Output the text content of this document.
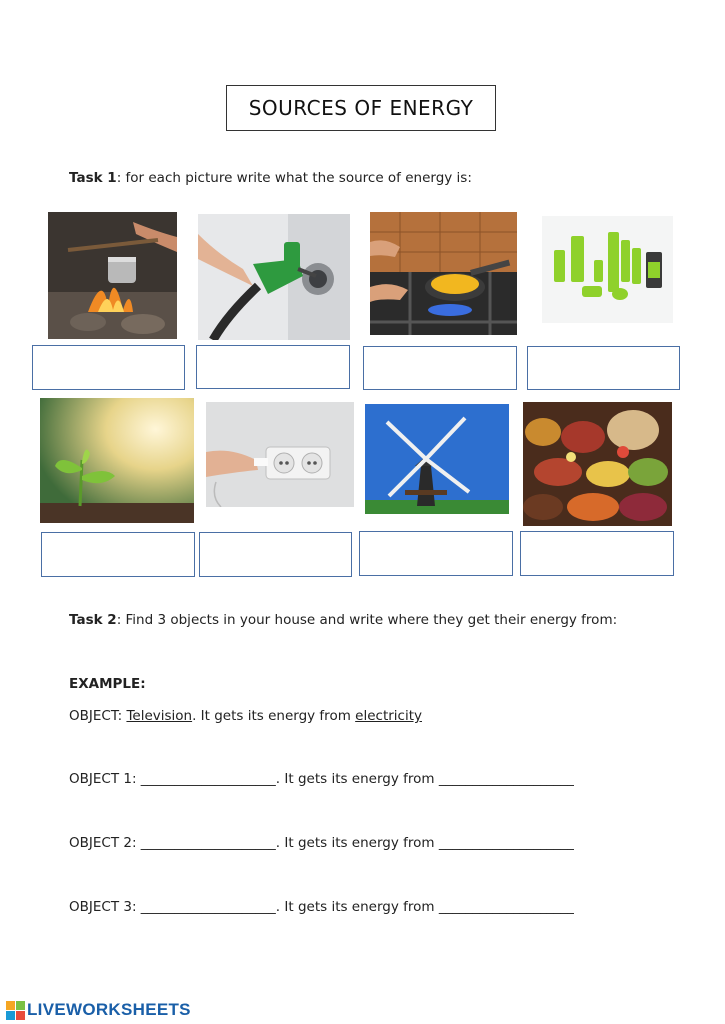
SOURCES OF ENERGY
Task 1: for each picture write what the source of energy is:
Task 2: Find 3 objects in your house and write where they get their energy from:
EXAMPLE:
OBJECT: Television. It gets its energy from electricity
OBJECT 1: ____________________. It gets its energy from ____________________
OBJECT 2: ____________________. It gets its energy from ____________________
OBJECT 3: ____________________. It gets its energy from ____________________
LIVEWORKSHEETS
